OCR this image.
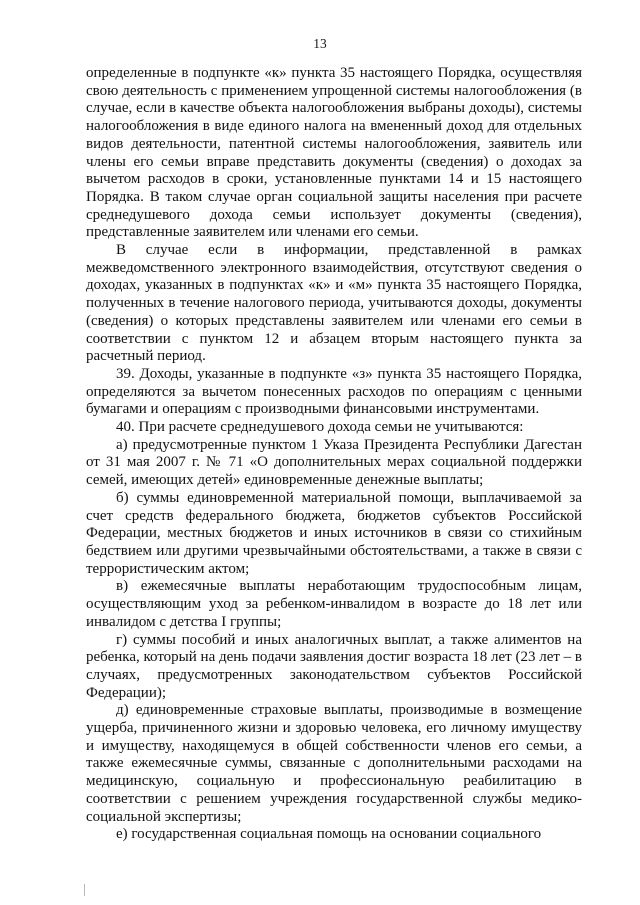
13

определенные в подпункте «к» пункта 35 настоящего Порядка, осуществляя свою деятельность с применением упрощенной системы налогообложения (в случае, если в качестве объекта налогообложения выбраны доходы), системы налогообложения в виде единого налога на вмененный доход для отдельных видов деятельности, патентной системы налогообложения, заявитель или члены его семьи вправе представить документы (сведения) о доходах за вычетом расходов в сроки, установленные пунктами 14 и 15 настоящего Порядка. В таком случае орган социальной защиты населения при расчете среднедушевого дохода семьи использует документы (сведения), представленные заявителем или членами его семьи.

В случае если в информации, представленной в рамках межведомственного электронного взаимодействия, отсутствуют сведения о доходах, указанных в подпунктах «к» и «м» пункта 35 настоящего Порядка, полученных в течение налогового периода, учитываются доходы, документы (сведения) о которых представлены заявителем или членами его семьи в соответствии с пунктом 12 и абзацем вторым настоящего пункта за расчетный период.

39. Доходы, указанные в подпункте «з» пункта 35 настоящего Порядка, определяются за вычетом понесенных расходов по операциям с ценными бумагами и операциям с производными финансовыми инструментами.

40. При расчете среднедушевого дохода семьи не учитываются:

а) предусмотренные пунктом 1 Указа Президента Республики Дагестан от 31 мая 2007 г. № 71 «О дополнительных мерах социальной поддержки семей, имеющих детей» единовременные денежные выплаты;

б) суммы единовременной материальной помощи, выплачиваемой за счет средств федерального бюджета, бюджетов субъектов Российской Федерации, местных бюджетов и иных источников в связи со стихийным бедствием или другими чрезвычайными обстоятельствами, а также в связи с террористическим актом;

в) ежемесячные выплаты неработающим трудоспособным лицам, осуществляющим уход за ребенком-инвалидом в возрасте до 18 лет или инвалидом с детства I группы;

г) суммы пособий и иных аналогичных выплат, а также алиментов на ребенка, который на день подачи заявления достиг возраста 18 лет (23 лет – в случаях, предусмотренных законодательством субъектов Российской Федерации);

д) единовременные страховые выплаты, производимые в возмещение ущерба, причиненного жизни и здоровью человека, его личному имуществу и имуществу, находящемуся в общей собственности членов его семьи, а также ежемесячные суммы, связанные с дополнительными расходами на медицинскую, социальную и профессиональную реабилитацию в соответствии с решением учреждения государственной службы медико-социальной экспертизы;

е) государственная социальная помощь на основании социального
